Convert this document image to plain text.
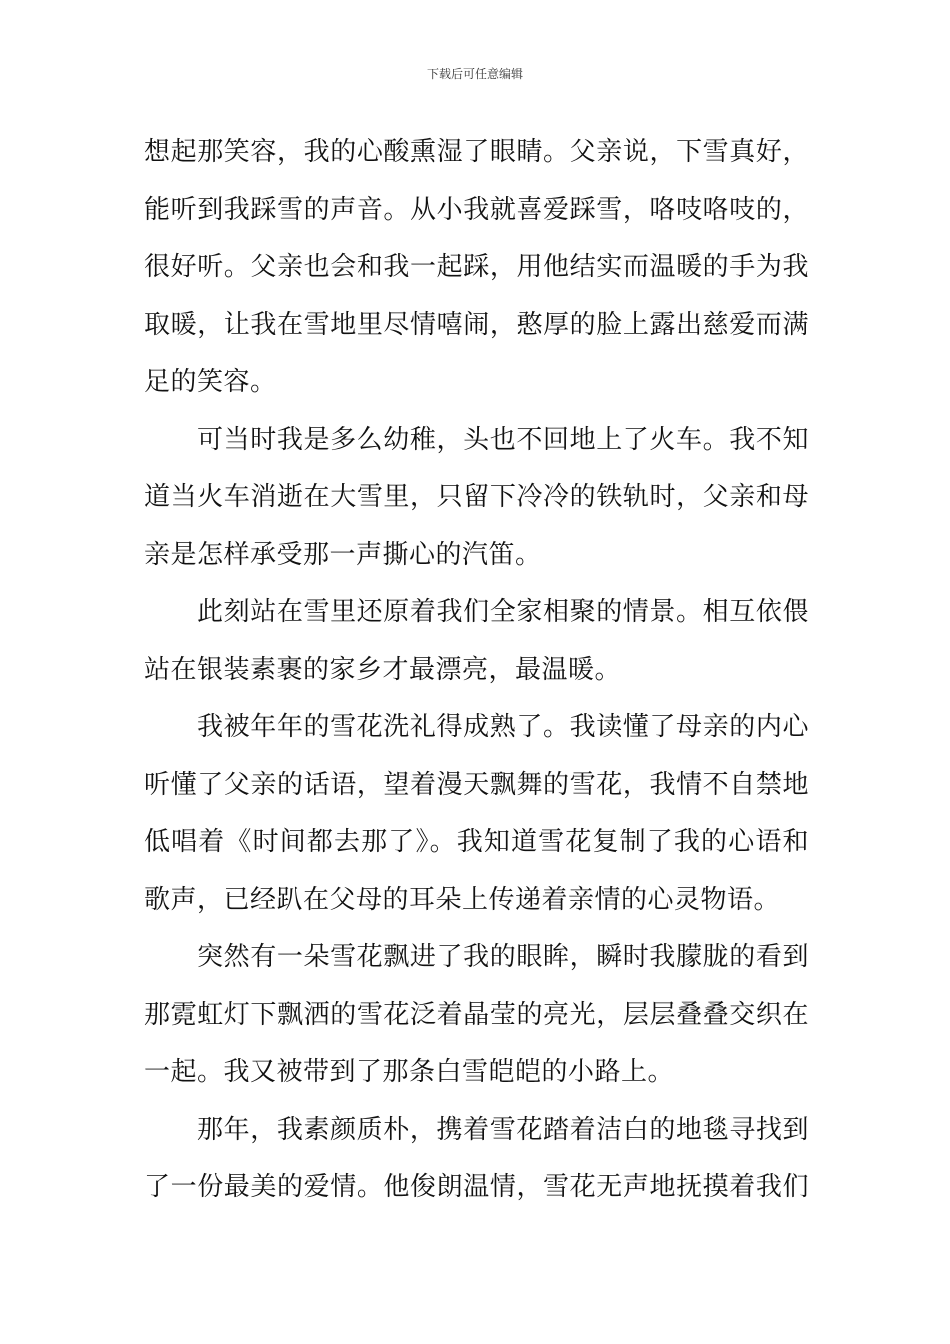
下载后可任意编辑
想起那笑容，我的心酸熏湿了眼睛。父亲说，下雪真好，
能听到我踩雪的声音。从小我就喜爱踩雪，咯吱咯吱的，
很好听。父亲也会和我一起踩，用他结实而温暖的手为我
取暖，让我在雪地里尽情嘻闹，憨厚的脸上露出慈爱而满
足的笑容。
可当时我是多么幼稚，头也不回地上了火车。我不知
道当火车消逝在大雪里，只留下冷冷的铁轨时，父亲和母
亲是怎样承受那一声撕心的汽笛。
此刻站在雪里还原着我们全家相聚的情景。相互依偎
站在银装素裹的家乡才最漂亮，最温暖。
我被年年的雪花洗礼得成熟了。我读懂了母亲的内心
听懂了父亲的话语，望着漫天飘舞的雪花，我情不自禁地
低唱着《时间都去那了》。我知道雪花复制了我的心语和
歌声，已经趴在父母的耳朵上传递着亲情的心灵物语。
突然有一朵雪花飘进了我的眼眸，瞬时我朦胧的看到
那霓虹灯下飘洒的雪花泛着晶莹的亮光，层层叠叠交织在
一起。我又被带到了那条白雪皑皑的小路上。
那年，我素颜质朴，携着雪花踏着洁白的地毯寻找到
了一份最美的爱情。他俊朗温情，雪花无声地抚摸着我们
